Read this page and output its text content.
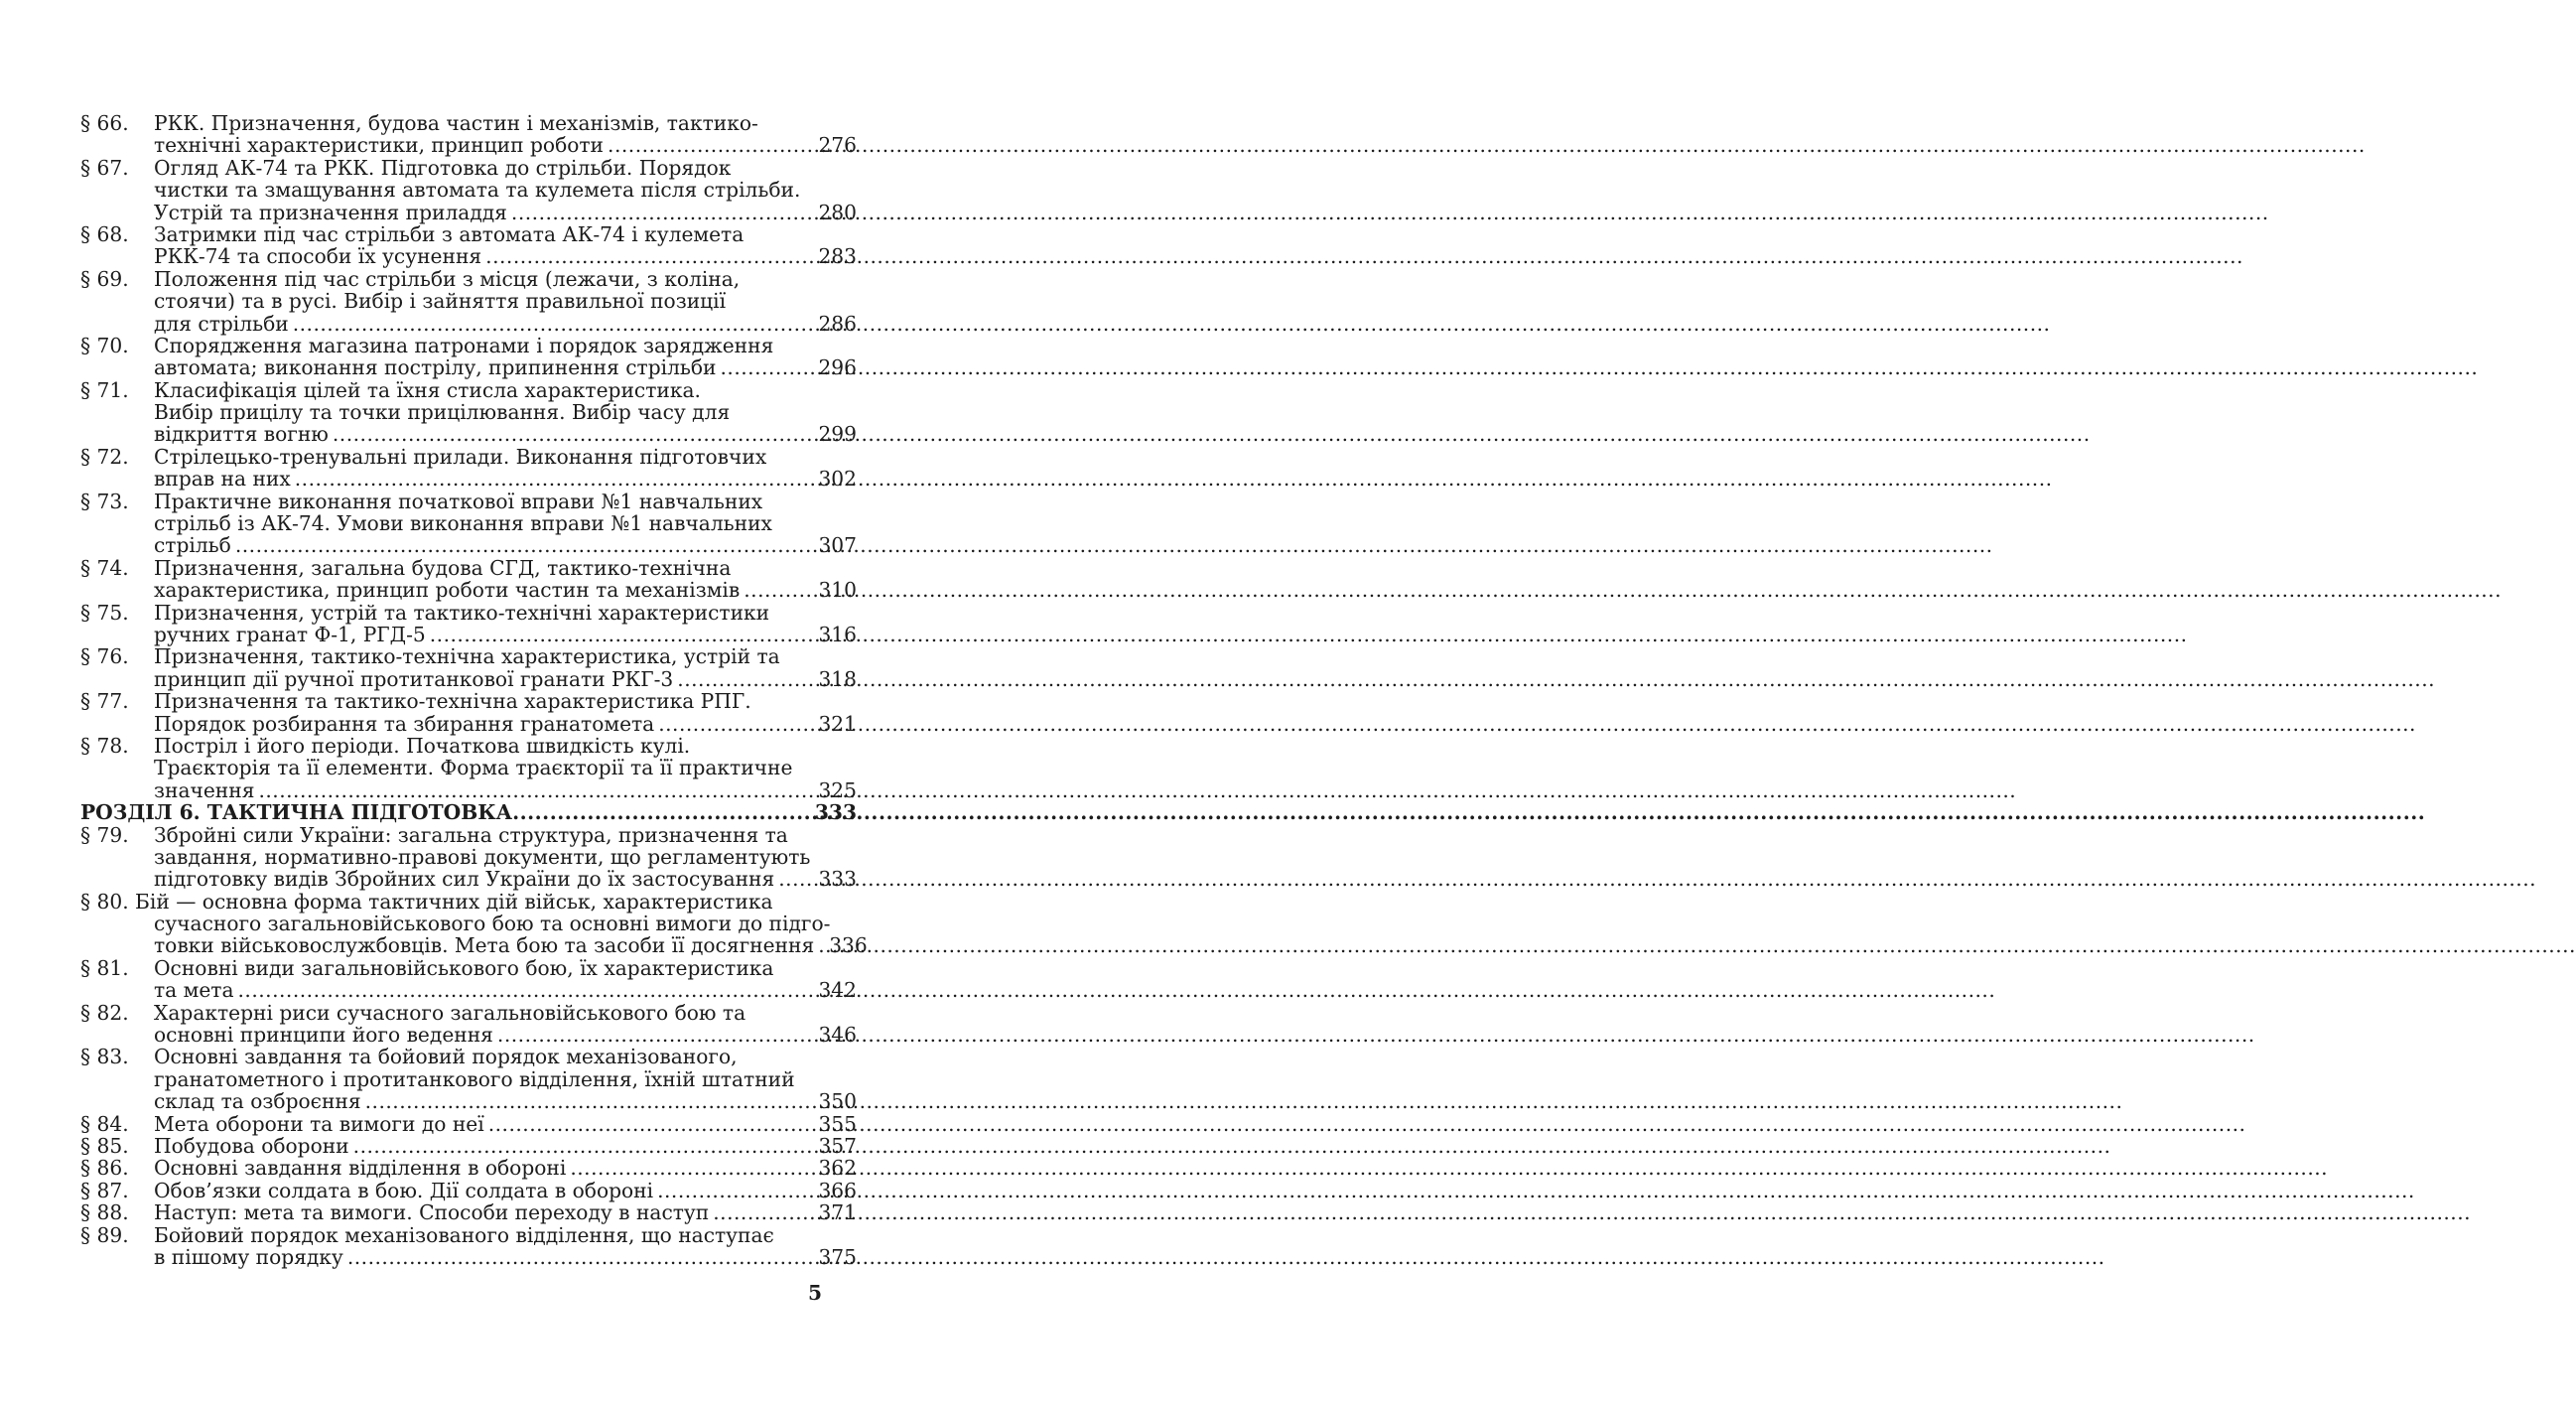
§ 66.	РКК. Призначення, будова частин і механізмів, тактико-
технічні характеристики, принцип роботи .....	276
§ 67.	Огляд АК-74 та РКК. Підготовка до стрільби. Порядок
чистки та змащування автомата та кулемета після стрільби.
Устрій та призначення приладдя .....	280
§ 68.	Затримки під час стрільби з автомата АК-74 і кулемета
РКК-74 та способи їх усунення .....	283
§ 69.	Положення під час стрільби з місця (лежачи, з коліна,
стоячи) та в русі. Вибір і зайняття правильної позиції
для стрільби .....	286
§ 70.	Спорядження магазина патронами і порядок зарядження
автомата; виконання пострілу, припинення стрільби .....	296
§ 71.	Класифікація цілей та їхня стисла характеристика.
Вибір прицілу та точки прицілювання. Вибір часу для
відкриття вогню .....	299
§ 72.	Стрілецько-тренувальні прилади. Виконання підготовчих
вправ на них .....	302
§ 73.	Практичне виконання початкової вправи №1 навчальних
стрільб із АК-74. Умови виконання вправи №1 навчальних
стрільб .....	307
§ 74.	Призначення, загальна будова СГД, тактико-технічна
характеристика, принцип роботи частин та механізмів .....	310
§ 75.	Призначення, устрій та тактико-технічні характеристики
ручних гранат Ф-1, РГД-5 .....	316
§ 76.	Призначення, тактико-технічна характеристика, устрій та
принцип дії ручної протитанкової гранати РКГ-3 .....	318
§ 77.	Призначення та тактико-технічна характеристика РПГ.
Порядок розбирання та збирання гранатомета .....	321
§ 78.	Постріл і його періоди. Початкова швидкість кулі.
Траєкторія та її елементи. Форма траєкторії та її практичне
значення .....	325
РОЗДІЛ 6. ТАКТИЧНА ПІДГОТОВКА .....	333
§ 79.	Збройні сили України: загальна структура, призначення та
завдання, нормативно-правові документи, що регламентують
підготовку видів Збройних сил України до їх застосування ..... 333
§ 80. Бій — основна форма тактичних дій військ, характеристика
сучасного загальновійськового бою та основні вимоги до підго-
товки військовослужбовців. Мета бою та засоби її досягнення ..... 336
§ 81.	Основні види загальновійськового бою, їх характеристика
та мета .....	342
§ 82.	Характерні риси сучасного загальновійськового бою та
основні принципи його ведення .....	346
§ 83.	Основні завдання та бойовий порядок механізованого,
гранатометного і протитанкового відділення, їхній штатний
склад та озброєння .....	350
§ 84.	Мета оборони та вимоги до неї .....	355
§ 85.	Побудова оборони .....	357
§ 86.	Основні завдання відділення в обороні .....	362
§ 87.	Обов’язки солдата в бою. Дії солдата в обороні .....	366
§ 88.	Наступ: мета та вимоги. Способи переходу в наступ .....	371
§ 89.	Бойовий порядок механізованого відділення, що наступає
в пішому порядку .....	375
5
